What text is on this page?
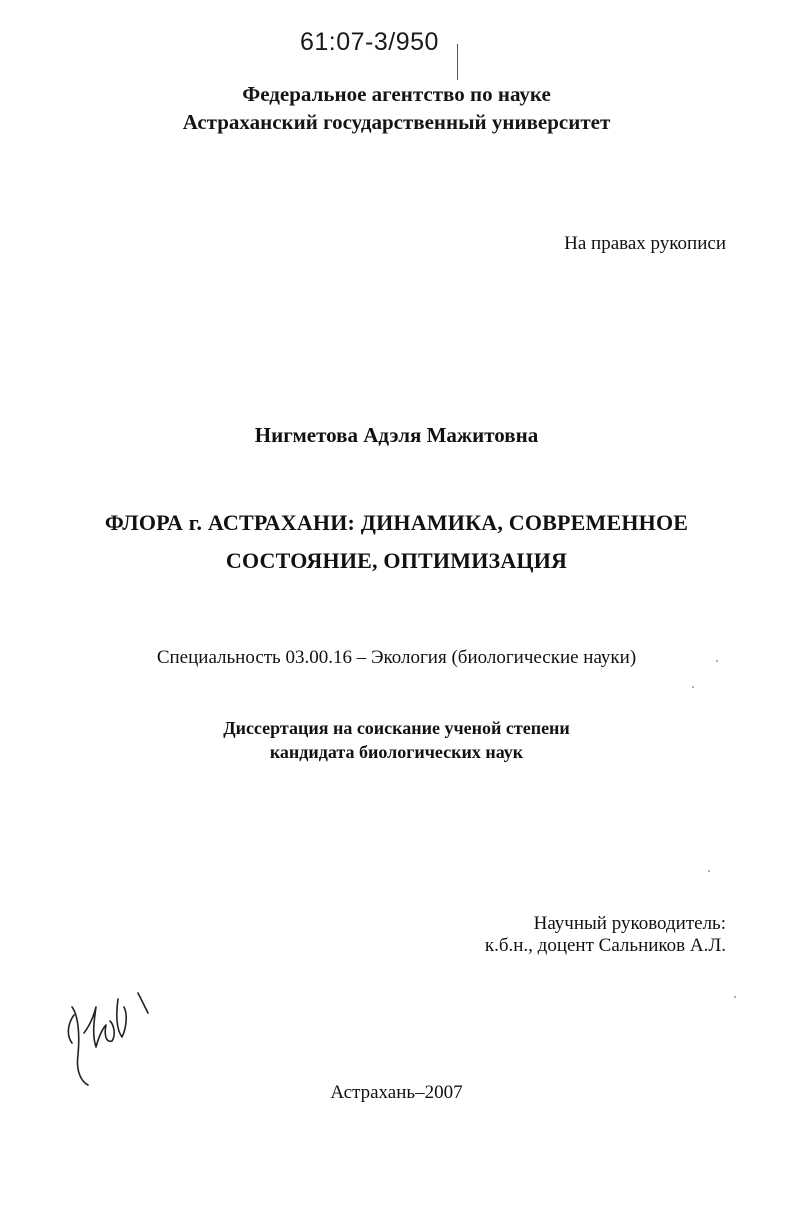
61:07-3/950
Федеральное агентство по науке
Астраханский государственный университет
На правах рукописи
Нигметова Адэля Мажитовна
ФЛОРА г. АСТРАХАНИ: ДИНАМИКА, СОВРЕМЕННОЕ
СОСТОЯНИЕ, ОПТИМИЗАЦИЯ
Специальность 03.00.16 – Экология (биологические науки)
Диссертация на соискание ученой степени
кандидата биологических наук
Научный руководитель:
к.б.н., доцент Сальников А.Л.
Астрахань–2007
